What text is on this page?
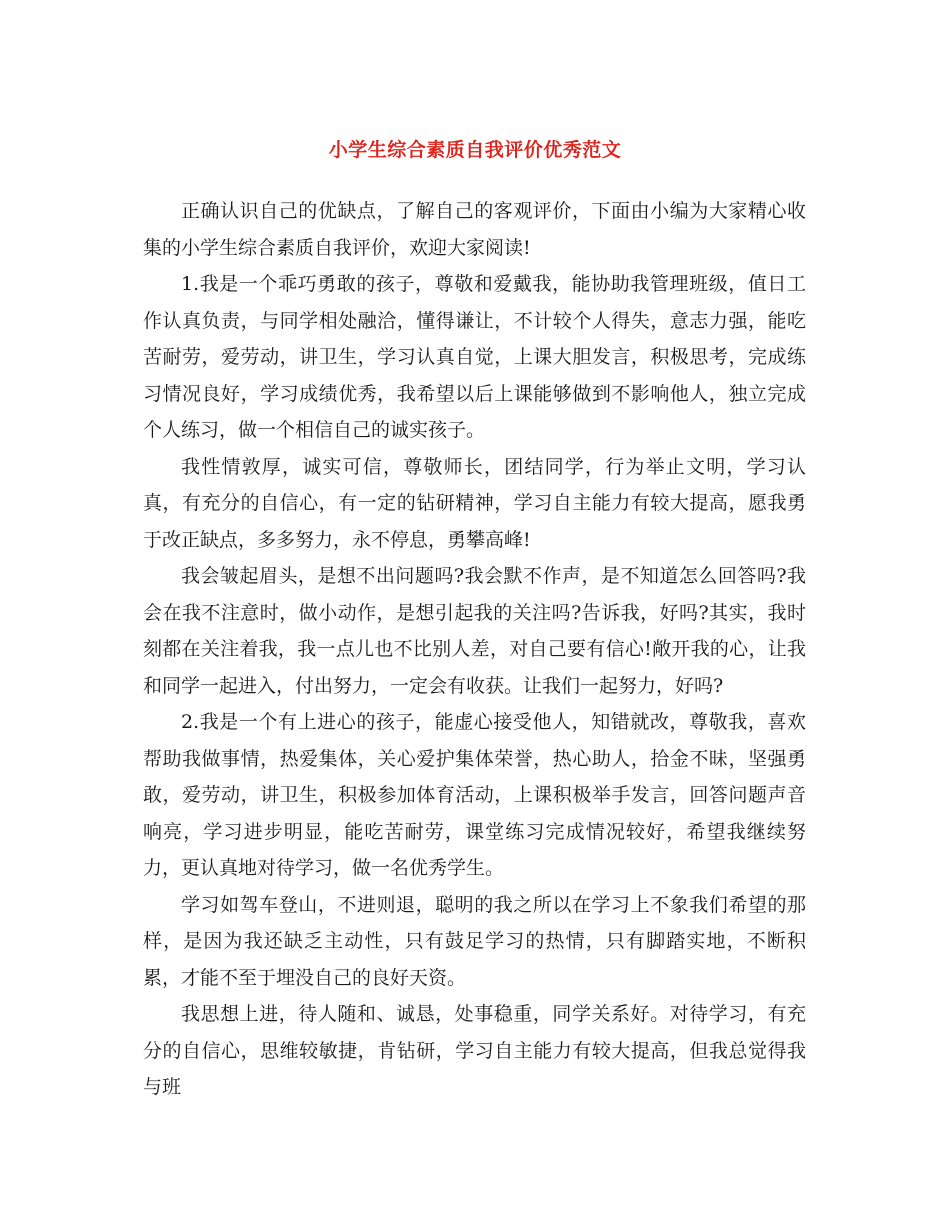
小学生综合素质自我评价优秀范文

正确认识自己的优缺点，了解自己的客观评价，下面由小编为大家精心收集的小学生综合素质自我评价，欢迎大家阅读!

1.我是一个乖巧勇敢的孩子，尊敬和爱戴我，能协助我管理班级，值日工作认真负责，与同学相处融洽，懂得谦让，不计较个人得失，意志力强，能吃苦耐劳，爱劳动，讲卫生，学习认真自觉，上课大胆发言，积极思考，完成练习情况良好，学习成绩优秀，我希望以后上课能够做到不影响他人，独立完成个人练习，做一个相信自己的诚实孩子。

我性情敦厚，诚实可信，尊敬师长，团结同学，行为举止文明，学习认真，有充分的自信心，有一定的钻研精神，学习自主能力有较大提高，愿我勇于改正缺点，多多努力，永不停息，勇攀高峰!

我会皱起眉头，是想不出问题吗?我会默不作声，是不知道怎么回答吗?我会在我不注意时，做小动作，是想引起我的关注吗?告诉我，好吗?其实，我时刻都在关注着我，我一点儿也不比别人差，对自己要有信心!敞开我的心，让我和同学一起进入，付出努力，一定会有收获。让我们一起努力，好吗?

2.我是一个有上进心的孩子，能虚心接受他人，知错就改，尊敬我，喜欢帮助我做事情，热爱集体，关心爱护集体荣誉，热心助人，拾金不昧，坚强勇敢，爱劳动，讲卫生，积极参加体育活动，上课积极举手发言，回答问题声音响亮，学习进步明显，能吃苦耐劳，课堂练习完成情况较好，希望我继续努力，更认真地对待学习，做一名优秀学生。

学习如驾车登山，不进则退，聪明的我之所以在学习上不象我们希望的那样，是因为我还缺乏主动性，只有鼓足学习的热情，只有脚踏实地，不断积累，才能不至于埋没自己的良好天资。

我思想上进，待人随和、诚恳，处事稳重，同学关系好。对待学习，有充分的自信心，思维较敏捷，肯钻研，学习自主能力有较大提高，但我总觉得我与班
